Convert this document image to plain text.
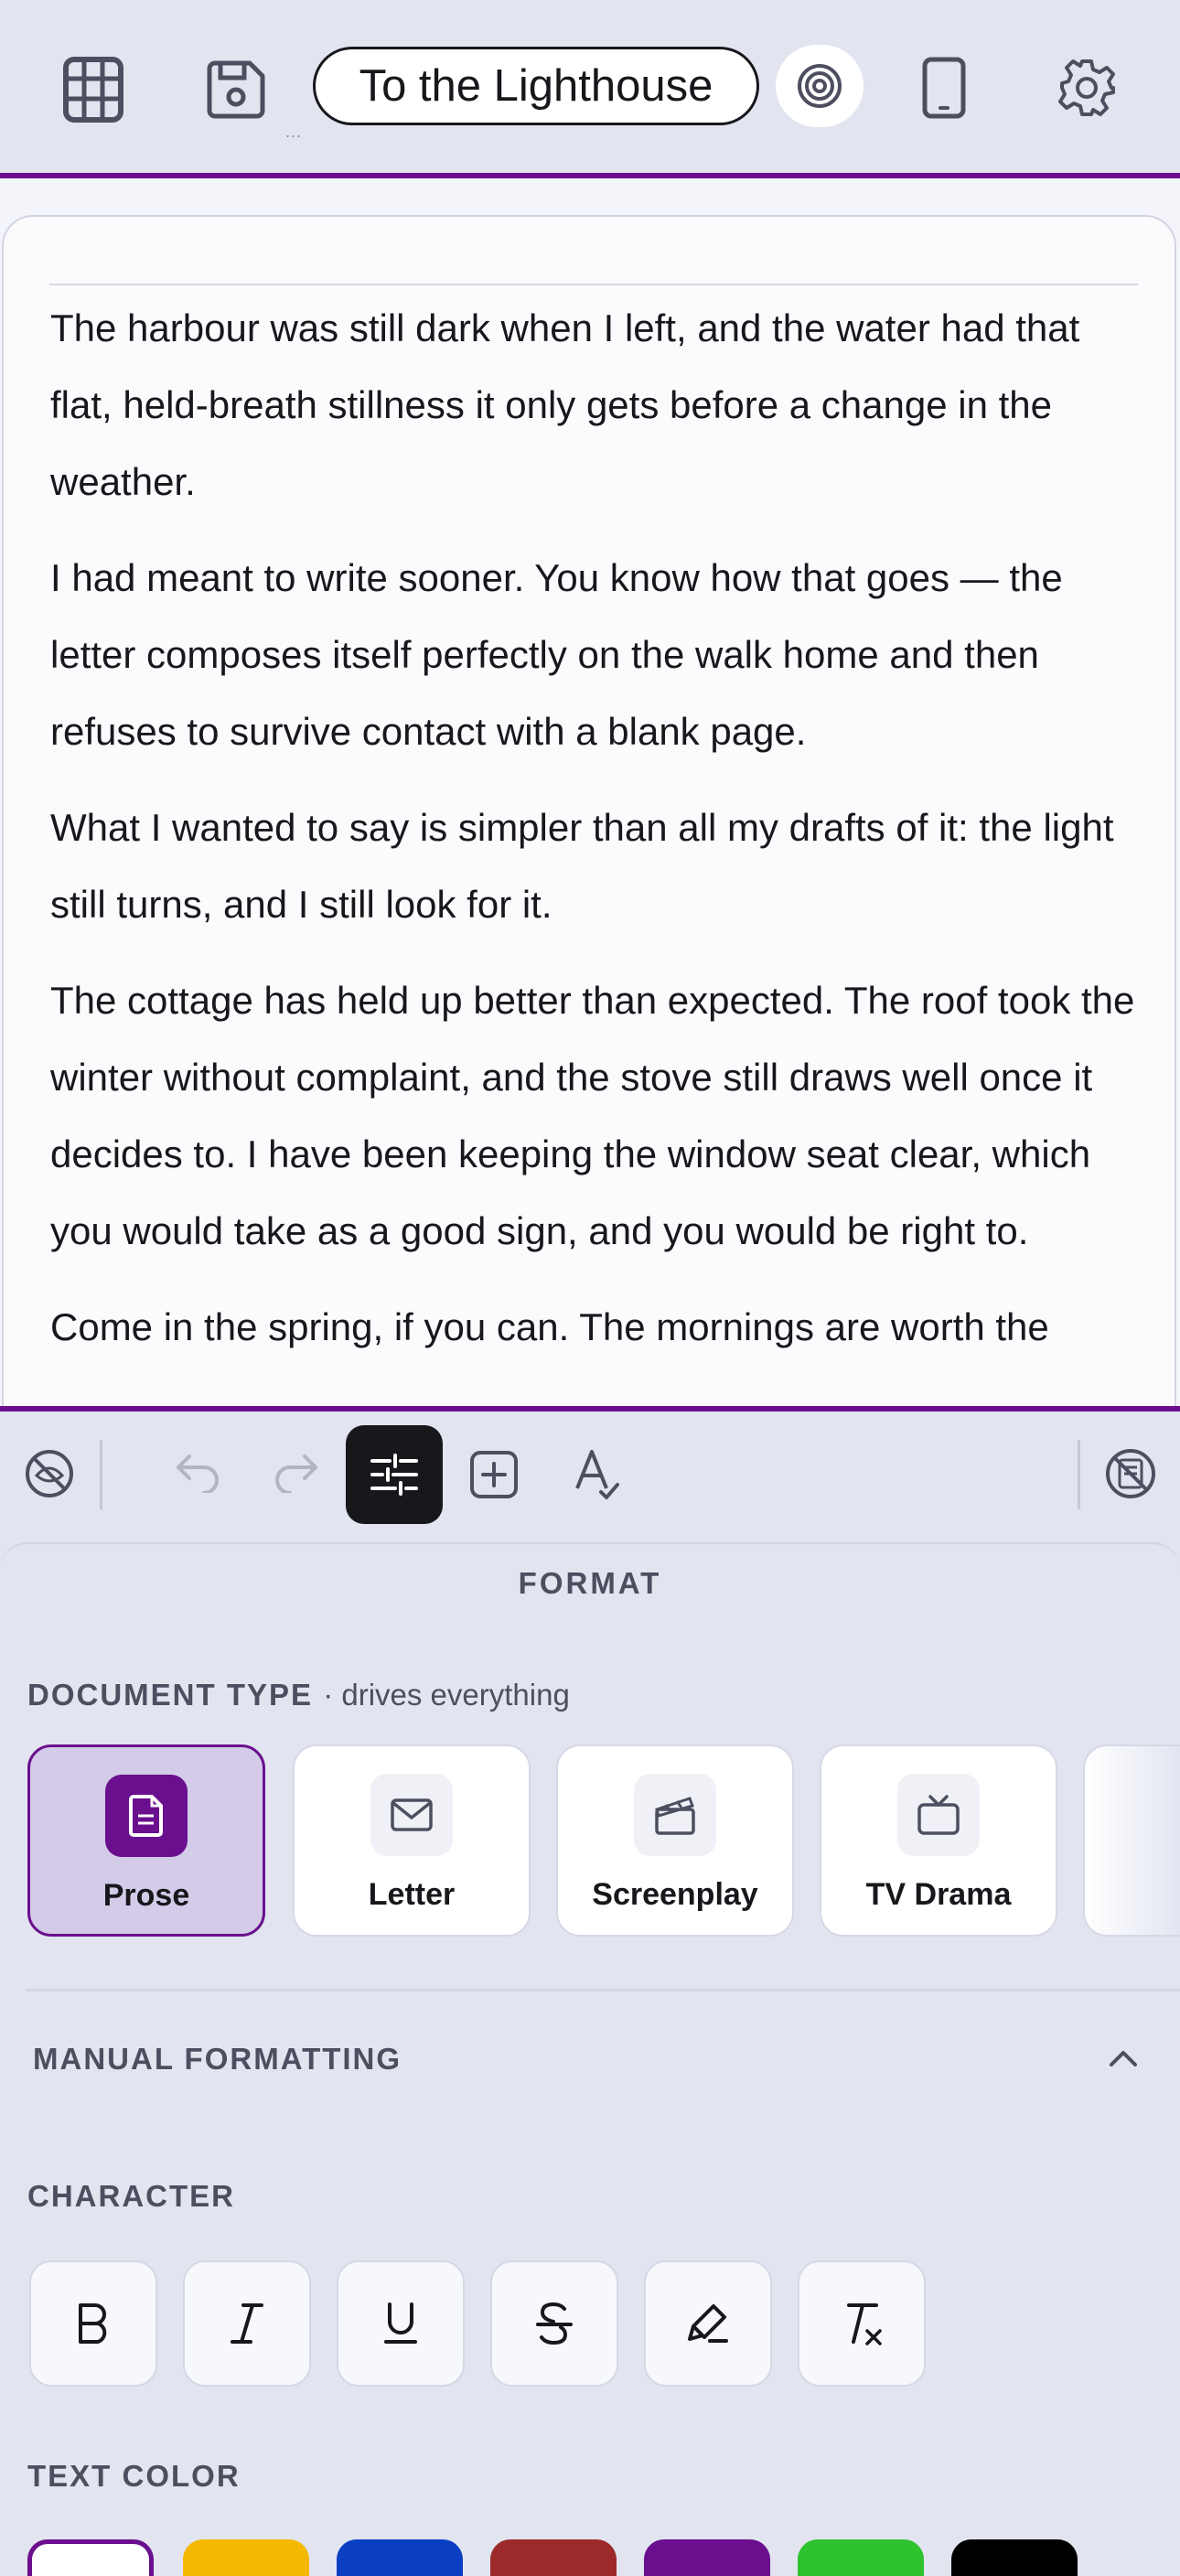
...
To the Lighthouse

The harbour was still dark when I left, and the water had that flat, held-breath stillness it only gets before a change in the weather.

I had meant to write sooner. You know how that goes — the letter composes itself perfectly on the walk home and then refuses to survive contact with a blank page.

What I wanted to say is simpler than all my drafts of it: the light still turns, and I still look for it.

The cottage has held up better than expected. The roof took the winter without complaint, and the stove still draws well once it decides to. I have been keeping the window seat clear, which you would take as a good sign, and you would be right to.

Come in the spring, if you can. The mornings are worth the

FORMAT
DOCUMENT TYPE · drives everything
Prose	Letter	Screenplay	TV Drama
MANUAL FORMATTING
CHARACTER
TEXT COLOR
